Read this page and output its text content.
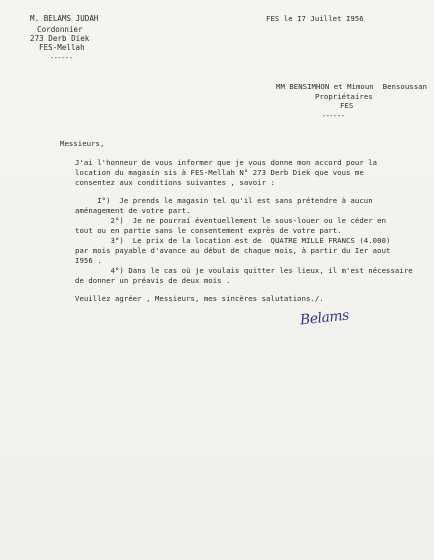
M. BELAMS JUDAH
Cordonnier
273 Derb Diek
FES-Mellah
------
FES le I7 Juillet I956
MM BENSIMHON et Mimoun  Bensoussan
Propriétaires
FES
------
Messieurs,
J'ai l'honneur de vous informer que je vous donne mon accord pour la
location du magasin sis à FES-Mellah N° 273 Derb Diek que vous me
consentez aux conditions suivantes , savoir :
I°)  Je prends le magasin tel qu'il est sans prétendre à aucun
aménagement de votre part.
2°)  Je ne pourrai éventuellement le sous-louer ou le céder en
tout ou en partie sans le consentement exprès de votre part.
3°)  Le prix de la location est de  QUATRE MILLE FRANCS (4.000)
par mois payable d'avance au début de chaque mois, à partir du Ier aout
I956 .
4°) Dans le cas où je voulais quitter les lieux, il m'est nécessaire
de donner un préavis de deux mois .
Veuillez agréer , Messieurs, mes sincères salutations./.
Belams
